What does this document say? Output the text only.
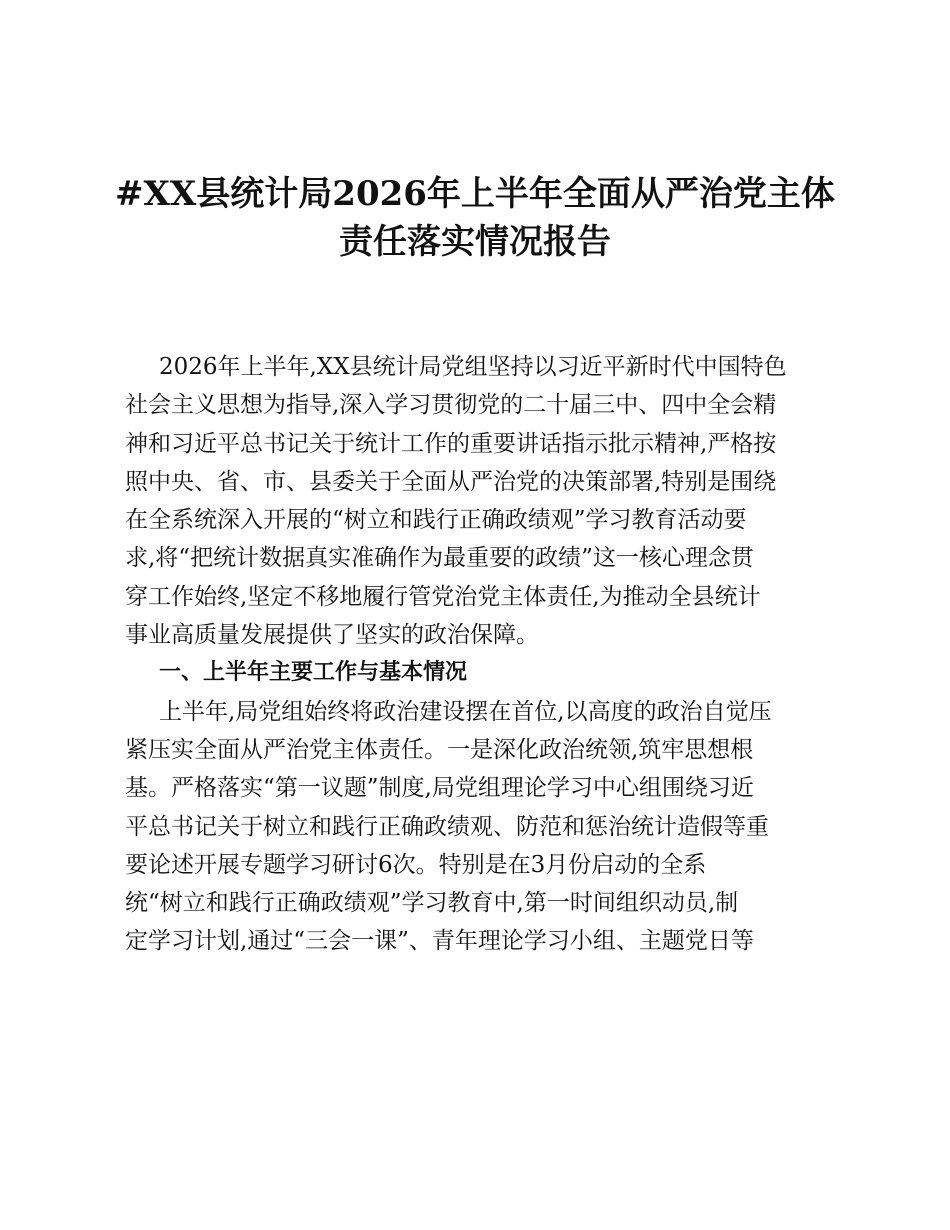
#XX县统计局2026年上半年全面从严治党主体
责任落实情况报告
2026年上半年,XX县统计局党组坚持以习近平新时代中国特色
社会主义思想为指导,深入学习贯彻党的二十届三中、四中全会精
神和习近平总书记关于统计工作的重要讲话指示批示精神,严格按
照中央、省、市、县委关于全面从严治党的决策部署,特别是围绕
在全系统深入开展的“树立和践行正确政绩观”学习教育活动要
求,将“把统计数据真实准确作为最重要的政绩”这一核心理念贯
穿工作始终,坚定不移地履行管党治党主体责任,为推动全县统计
事业高质量发展提供了坚实的政治保障。
一、上半年主要工作与基本情况
上半年,局党组始终将政治建设摆在首位,以高度的政治自觉压
紧压实全面从严治党主体责任。一是深化政治统领,筑牢思想根
基。严格落实“第一议题”制度,局党组理论学习中心组围绕习近
平总书记关于树立和践行正确政绩观、防范和惩治统计造假等重
要论述开展专题学习研讨6次。特别是在3月份启动的全系
统“树立和践行正确政绩观”学习教育中,第一时间组织动员,制
定学习计划,通过“三会一课”、青年理论学习小组、主题党日等
